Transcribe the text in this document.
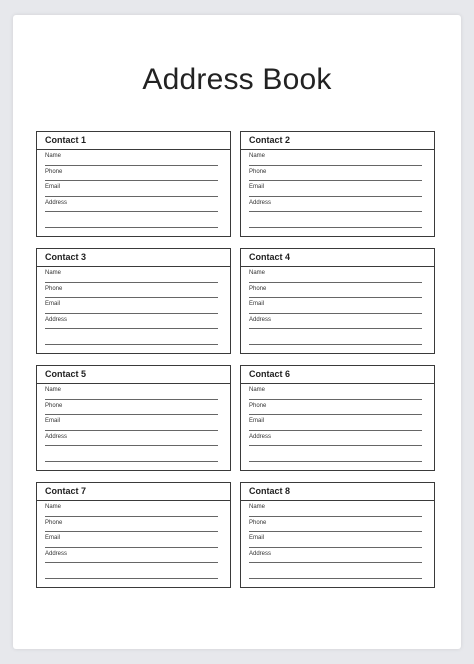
Address Book
Contact 1
Name
Phone
Email
Address
Contact 2
Name
Phone
Email
Address
Contact 3
Name
Phone
Email
Address
Contact 4
Name
Phone
Email
Address
Contact 5
Name
Phone
Email
Address
Contact 6
Name
Phone
Email
Address
Contact 7
Name
Phone
Email
Address
Contact 8
Name
Phone
Email
Address
